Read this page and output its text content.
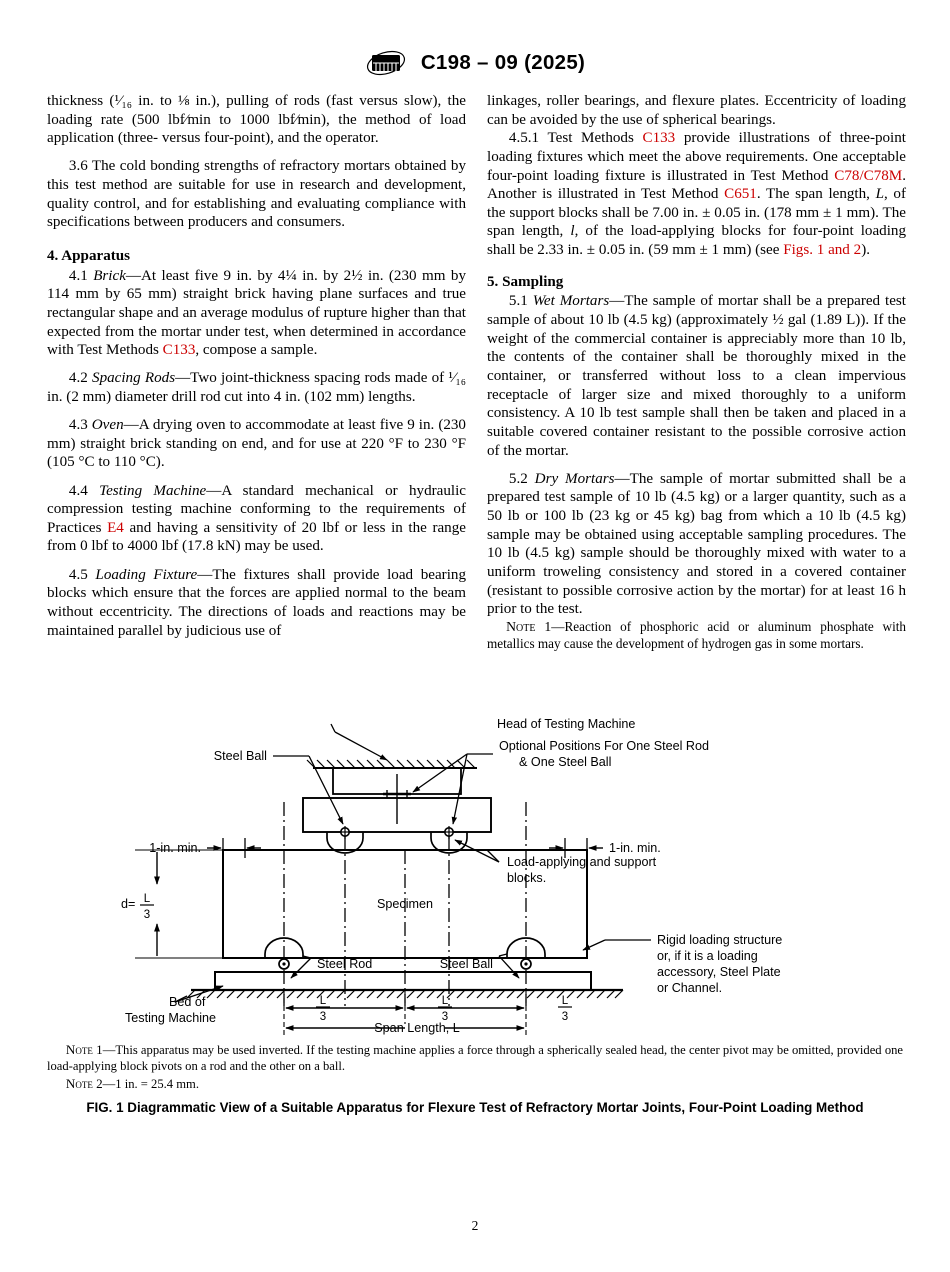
ASTM C198 – 09 (2025)

thickness (¹⁄₁₆ in. to ⅛ in.), pulling of rods (fast versus slow), the loading rate (500 lbf⁄min to 1000 lbf⁄min), the method of load application (three- versus four-point), and the operator.

3.6 The cold bonding strengths of refractory mortars obtained by this test method are suitable for use in research and development, quality control, and for establishing and evaluating compliance with specifications between producers and consumers.

4. Apparatus

4.1 Brick—At least five 9 in. by 4¼ in. by 2½ in. (230 mm by 114 mm by 65 mm) straight brick having plane surfaces and true rectangular shape and an average modulus of rupture higher than that expected from the mortar under test, when determined in accordance with Test Methods C133, compose a sample.

4.2 Spacing Rods—Two joint-thickness spacing rods made of ¹⁄₁₆ in. (2 mm) diameter drill rod cut into 4 in. (102 mm) lengths.

4.3 Oven—A drying oven to accommodate at least five 9 in. (230 mm) straight brick standing on end, and for use at 220 °F to 230 °F (105 °C to 110 °C).

4.4 Testing Machine—A standard mechanical or hydraulic compression testing machine conforming to the requirements of Practices E4 and having a sensitivity of 20 lbf or less in the range from 0 lbf to 4000 lbf (17.8 kN) may be used.

4.5 Loading Fixture—The fixtures shall provide load bearing blocks which ensure that the forces are applied normal to the beam without eccentricity. The directions of loads and reactions may be maintained parallel by judicious use of

linkages, roller bearings, and flexure plates. Eccentricity of loading can be avoided by the use of spherical bearings.

4.5.1 Test Methods C133 provide illustrations of three-point loading fixtures which meet the above requirements. One acceptable four-point loading fixture is illustrated in Test Method C78/C78M. Another is illustrated in Test Method C651. The span length, L, of the support blocks shall be 7.00 in. ± 0.05 in. (178 mm ± 1 mm). The span length, l, of the load-applying blocks for four-point loading shall be 2.33 in. ± 0.05 in. (59 mm ± 1 mm) (see Figs. 1 and 2).

5. Sampling

5.1 Wet Mortars—The sample of mortar shall be a prepared test sample of about 10 lb (4.5 kg) (approximately ½ gal (1.89 L)). If the weight of the commercial container is appreciably more than 10 lb, the contents of the container shall be thoroughly mixed in the container, or transferred without loss to a clean impervious receptacle of larger size and mixed thoroughly to a uniform consistency. A 10 lb test sample shall then be taken and placed in a suitable covered container resistant to the possible corrosive action of the mortar.

5.2 Dry Mortars—The sample of mortar submitted shall be a prepared test sample of 10 lb (4.5 kg) or a larger quantity, such as a 50 lb or 100 lb (23 kg or 45 kg) bag from which a 10 lb (4.5 kg) sample may be obtained using acceptable sampling procedures. The 10 lb (4.5 kg) sample should be thoroughly mixed with water to a uniform troweling consistency and stored in a covered container (resistant to possible corrosive action by the mortar) for at least 16 h prior to the test.

Note 1—Reaction of phosphoric acid or aluminum phosphate with metallics may cause the development of hydrogen gas in some mortars.

Head of Testing Machine
Steel Ball
Optional Positions For One Steel Rod
& One Steel Ball
1-in. min.	1-in. min.
Load-applying and support
blocks.
Specimen
Steel Rod	Steel Ball
Rigid loading structure
or, if it is a loading
accessory, Steel Plate
or Channel.
Bed of
Testing Machine
Span Length, L
d= L
3
L
3
L
3
L
3

Note 1—This apparatus may be used inverted. If the testing machine applies a force through a spherically sealed head, the center pivot may be omitted, provided one load-applying block pivots on a rod and the other on a ball.

Note 2—1 in. = 25.4 mm.

FIG. 1 Diagrammatic View of a Suitable Apparatus for Flexure Test of Refractory Mortar Joints, Four-Point Loading Method
2
